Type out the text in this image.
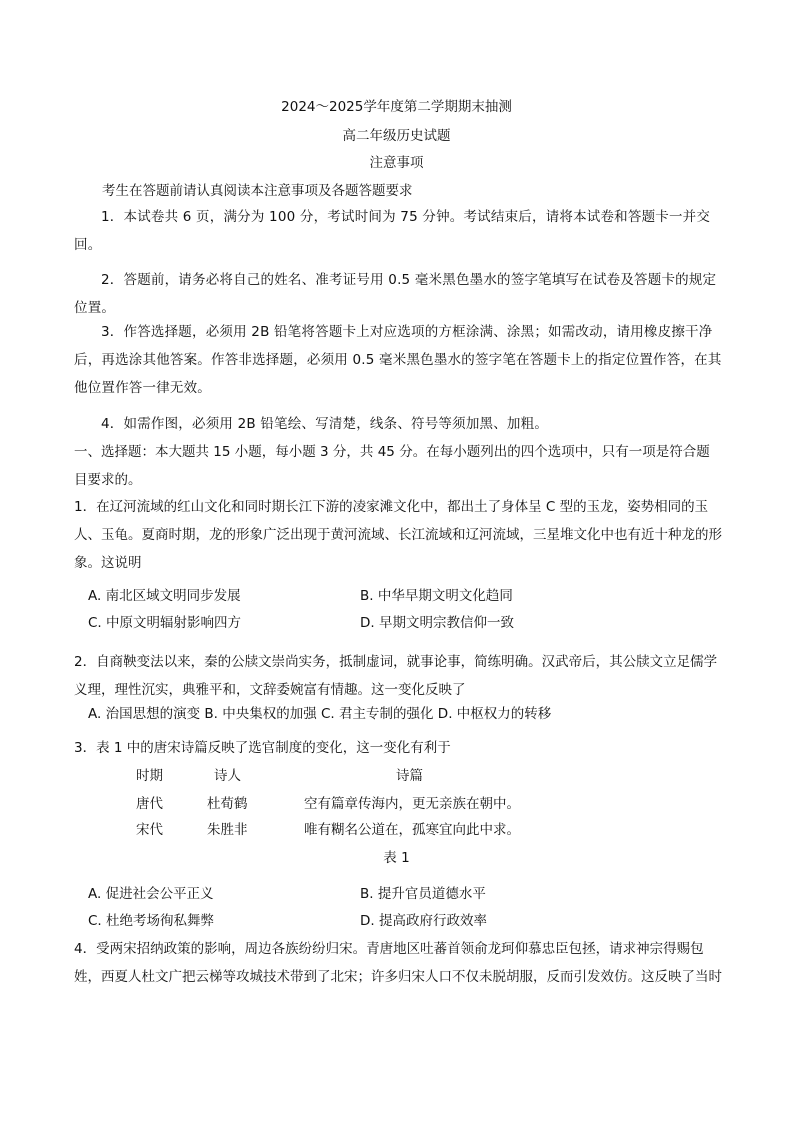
2024～2025学年度第二学期期末抽测
高二年级历史试题
注意事项
考生在答题前请认真阅读本注意事项及各题答题要求
1．本试卷共 6 页，满分为 100 分，考试时间为 75 分钟。考试结束后，请将本试卷和答题卡一并交回。
2．答题前，请务必将自己的姓名、准考证号用 0.5 毫米黑色墨水的签字笔填写在试卷及答题卡的规定位置。
3．作答选择题，必须用 2B 铅笔将答题卡上对应选项的方框涂满、涂黑；如需改动，请用橡皮擦干净后，再选涂其他答案。作答非选择题，必须用 0.5 毫米黑色墨水的签字笔在答题卡上的指定位置作答，在其他位置作答一律无效。
4．如需作图，必须用 2B 铅笔绘、写清楚，线条、符号等须加黑、加粗。
一、选择题：本大题共 15 小题，每小题 3 分，共 45 分。在每小题列出的四个选项中，只有一项是符合题目要求的。
1．在辽河流域的红山文化和同时期长江下游的凌家滩文化中，都出土了身体呈 C 型的玉龙，姿势相同的玉人、玉龟。夏商时期，龙的形象广泛出现于黄河流域、长江流域和辽河流域，三星堆文化中也有近十种龙的形象。这说明
A. 南北区域文明同步发展	B. 中华早期文明文化趋同
C. 中原文明辐射影响四方	D. 早期文明宗教信仰一致
2．自商鞅变法以来，秦的公牍文崇尚实务，抵制虚词，就事论事，简练明确。汉武帝后，其公牍文立足儒学义理，理性沉实，典雅平和，文辞委婉富有情趣。这一变化反映了
A. 治国思想的演变 B. 中央集权的加强 C. 君主专制的强化 D. 中枢权力的转移
3．表 1 中的唐宋诗篇反映了选官制度的变化，这一变化有利于
时期	诗人	诗篇
唐代	杜荀鹤	空有篇章传海内，更无亲族在朝中。
宋代	朱胜非	唯有糊名公道在，孤寒宜向此中求。
表 1
A. 促进社会公平正义	B. 提升官员道德水平
C. 杜绝考场徇私舞弊	D. 提高政府行政效率
4．受两宋招纳政策的影响，周边各族纷纷归宋。青唐地区吐蕃首领俞龙珂仰慕忠臣包拯，请求神宗得赐包姓，西夏人杜文广把云梯等攻城技术带到了北宋；许多归宋人口不仅未脱胡服，反而引发效仿。这反映了当时
